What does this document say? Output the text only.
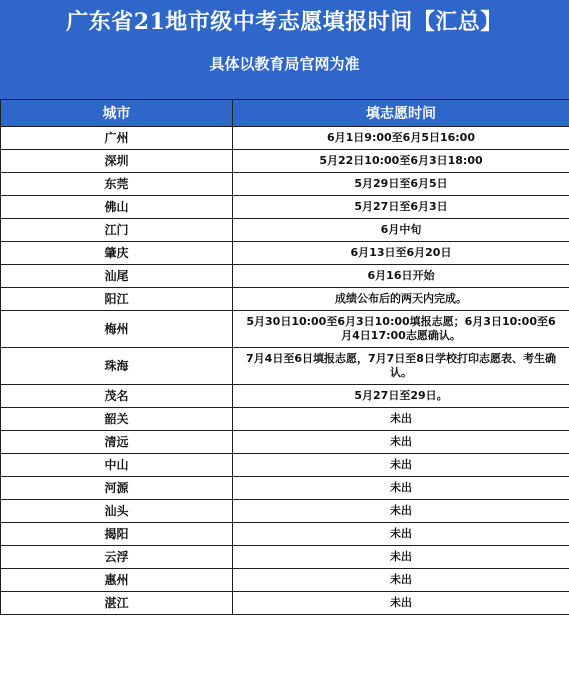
广东省21地市级中考志愿填报时间【汇总】
具体以教育局官网为准
城市	填志愿时间
广州	6月1日9:00至6月5日16:00
深圳	5月22日10:00至6月3日18:00
东莞	5月29日至6月5日
佛山	5月27日至6月3日
江门	6月中旬
肇庆	6月13日至6月20日
汕尾	6月16日开始
阳江	成绩公布后的两天内完成。
梅州	5月30日10:00至6月3日10:00填报志愿；6月3日10:00至6月4日17:00志愿确认。
珠海	7月4日至6日填报志愿，7月7日至8日学校打印志愿表、考生确认。
茂名	5月27日至29日。
韶关	未出
清远	未出
中山	未出
河源	未出
汕头	未出
揭阳	未出
云浮	未出
惠州	未出
湛江	未出
